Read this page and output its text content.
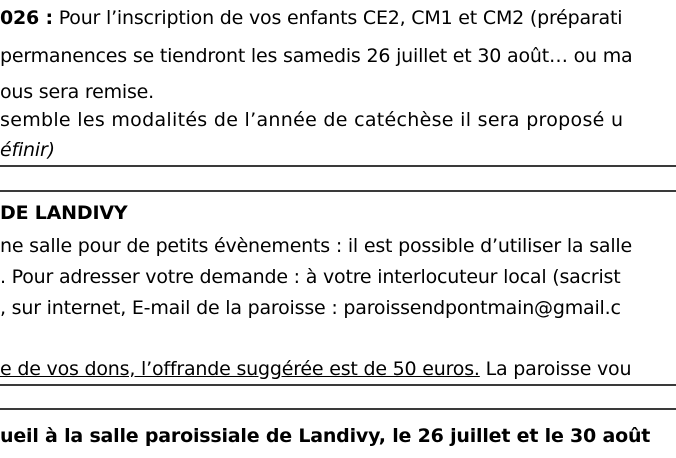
026 : Pour l’inscription de vos enfants CE2, CM1 et CM2 (préparati
permanences se tiendront les samedis 26 juillet et 30 août… ou ma
ous sera remise.
semble les modalités de l’année de catéchèse il sera proposé u
éfinir)
DE LANDIVY
ne salle pour de petits évènements : il est possible d’utiliser la salle
. Pour adresser votre demande : à votre interlocuteur local (sacrist
, sur internet, E-mail de la paroisse : paroissendpontmain@gmail.c
e de vos dons, l’offrande suggérée est de 50 euros. La paroisse vou
ueil à la salle paroissiale de Landivy, le 26 juillet et le 30 août
